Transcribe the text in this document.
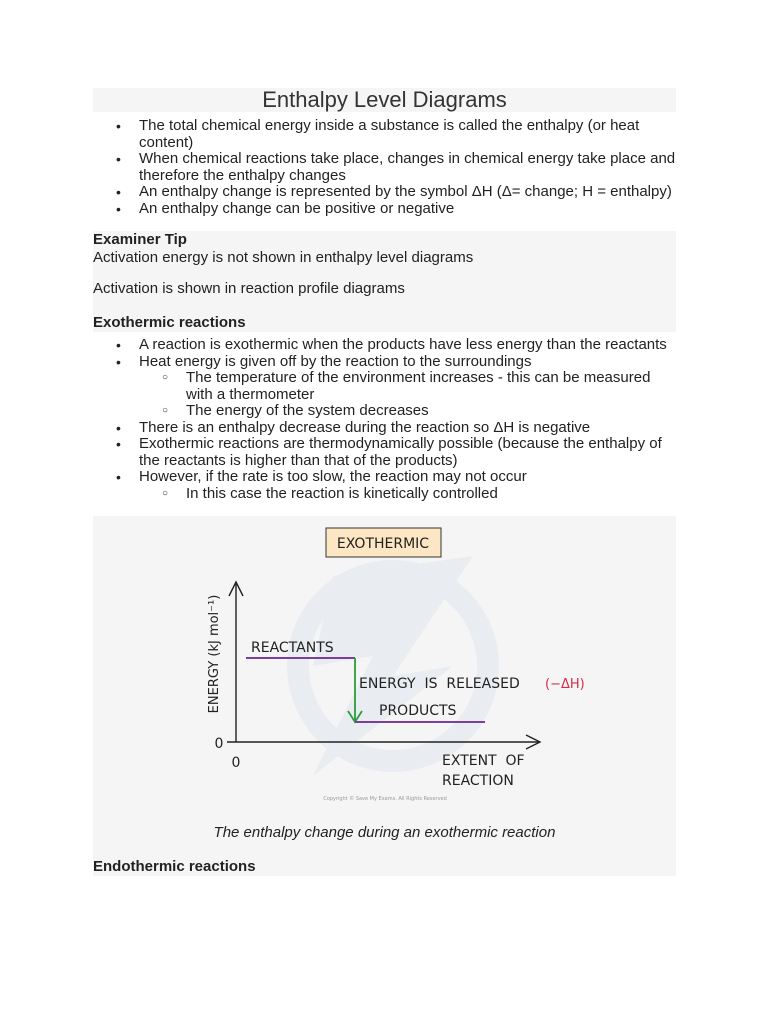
Enthalpy Level Diagrams
• The total chemical energy inside a substance is called the enthalpy (or heat content)
• When chemical reactions take place, changes in chemical energy take place and therefore the enthalpy changes
• An enthalpy change is represented by the symbol ΔH (Δ= change; H = enthalpy)
• An enthalpy change can be positive or negative
Examiner Tip

Activation energy is not shown in enthalpy level diagrams

Activation is shown in reaction profile diagrams

Exothermic reactions
• A reaction is exothermic when the products have less energy than the reactants
• Heat energy is given off by the reaction to the surroundings
○ The temperature of the environment increases - this can be measured with a thermometer
○ The energy of the system decreases
• There is an enthalpy decrease during the reaction so ΔH is negative
• Exothermic reactions are thermodynamically possible (because the enthalpy of the reactants is higher than that of the products)
• However, if the rate is too slow, the reaction may not occur
○ In this case the reaction is kinetically controlled
EXOTHERMIC
0
0
ENERGY (kJ mol⁻¹)
EXTENT  OF
REACTION
REACTANTS
ENERGY  IS  RELEASED (−ΔH)
PRODUCTS
Copyright © Save My Exams. All Rights Reserved
The enthalpy change during an exothermic reaction
Endothermic reactions
